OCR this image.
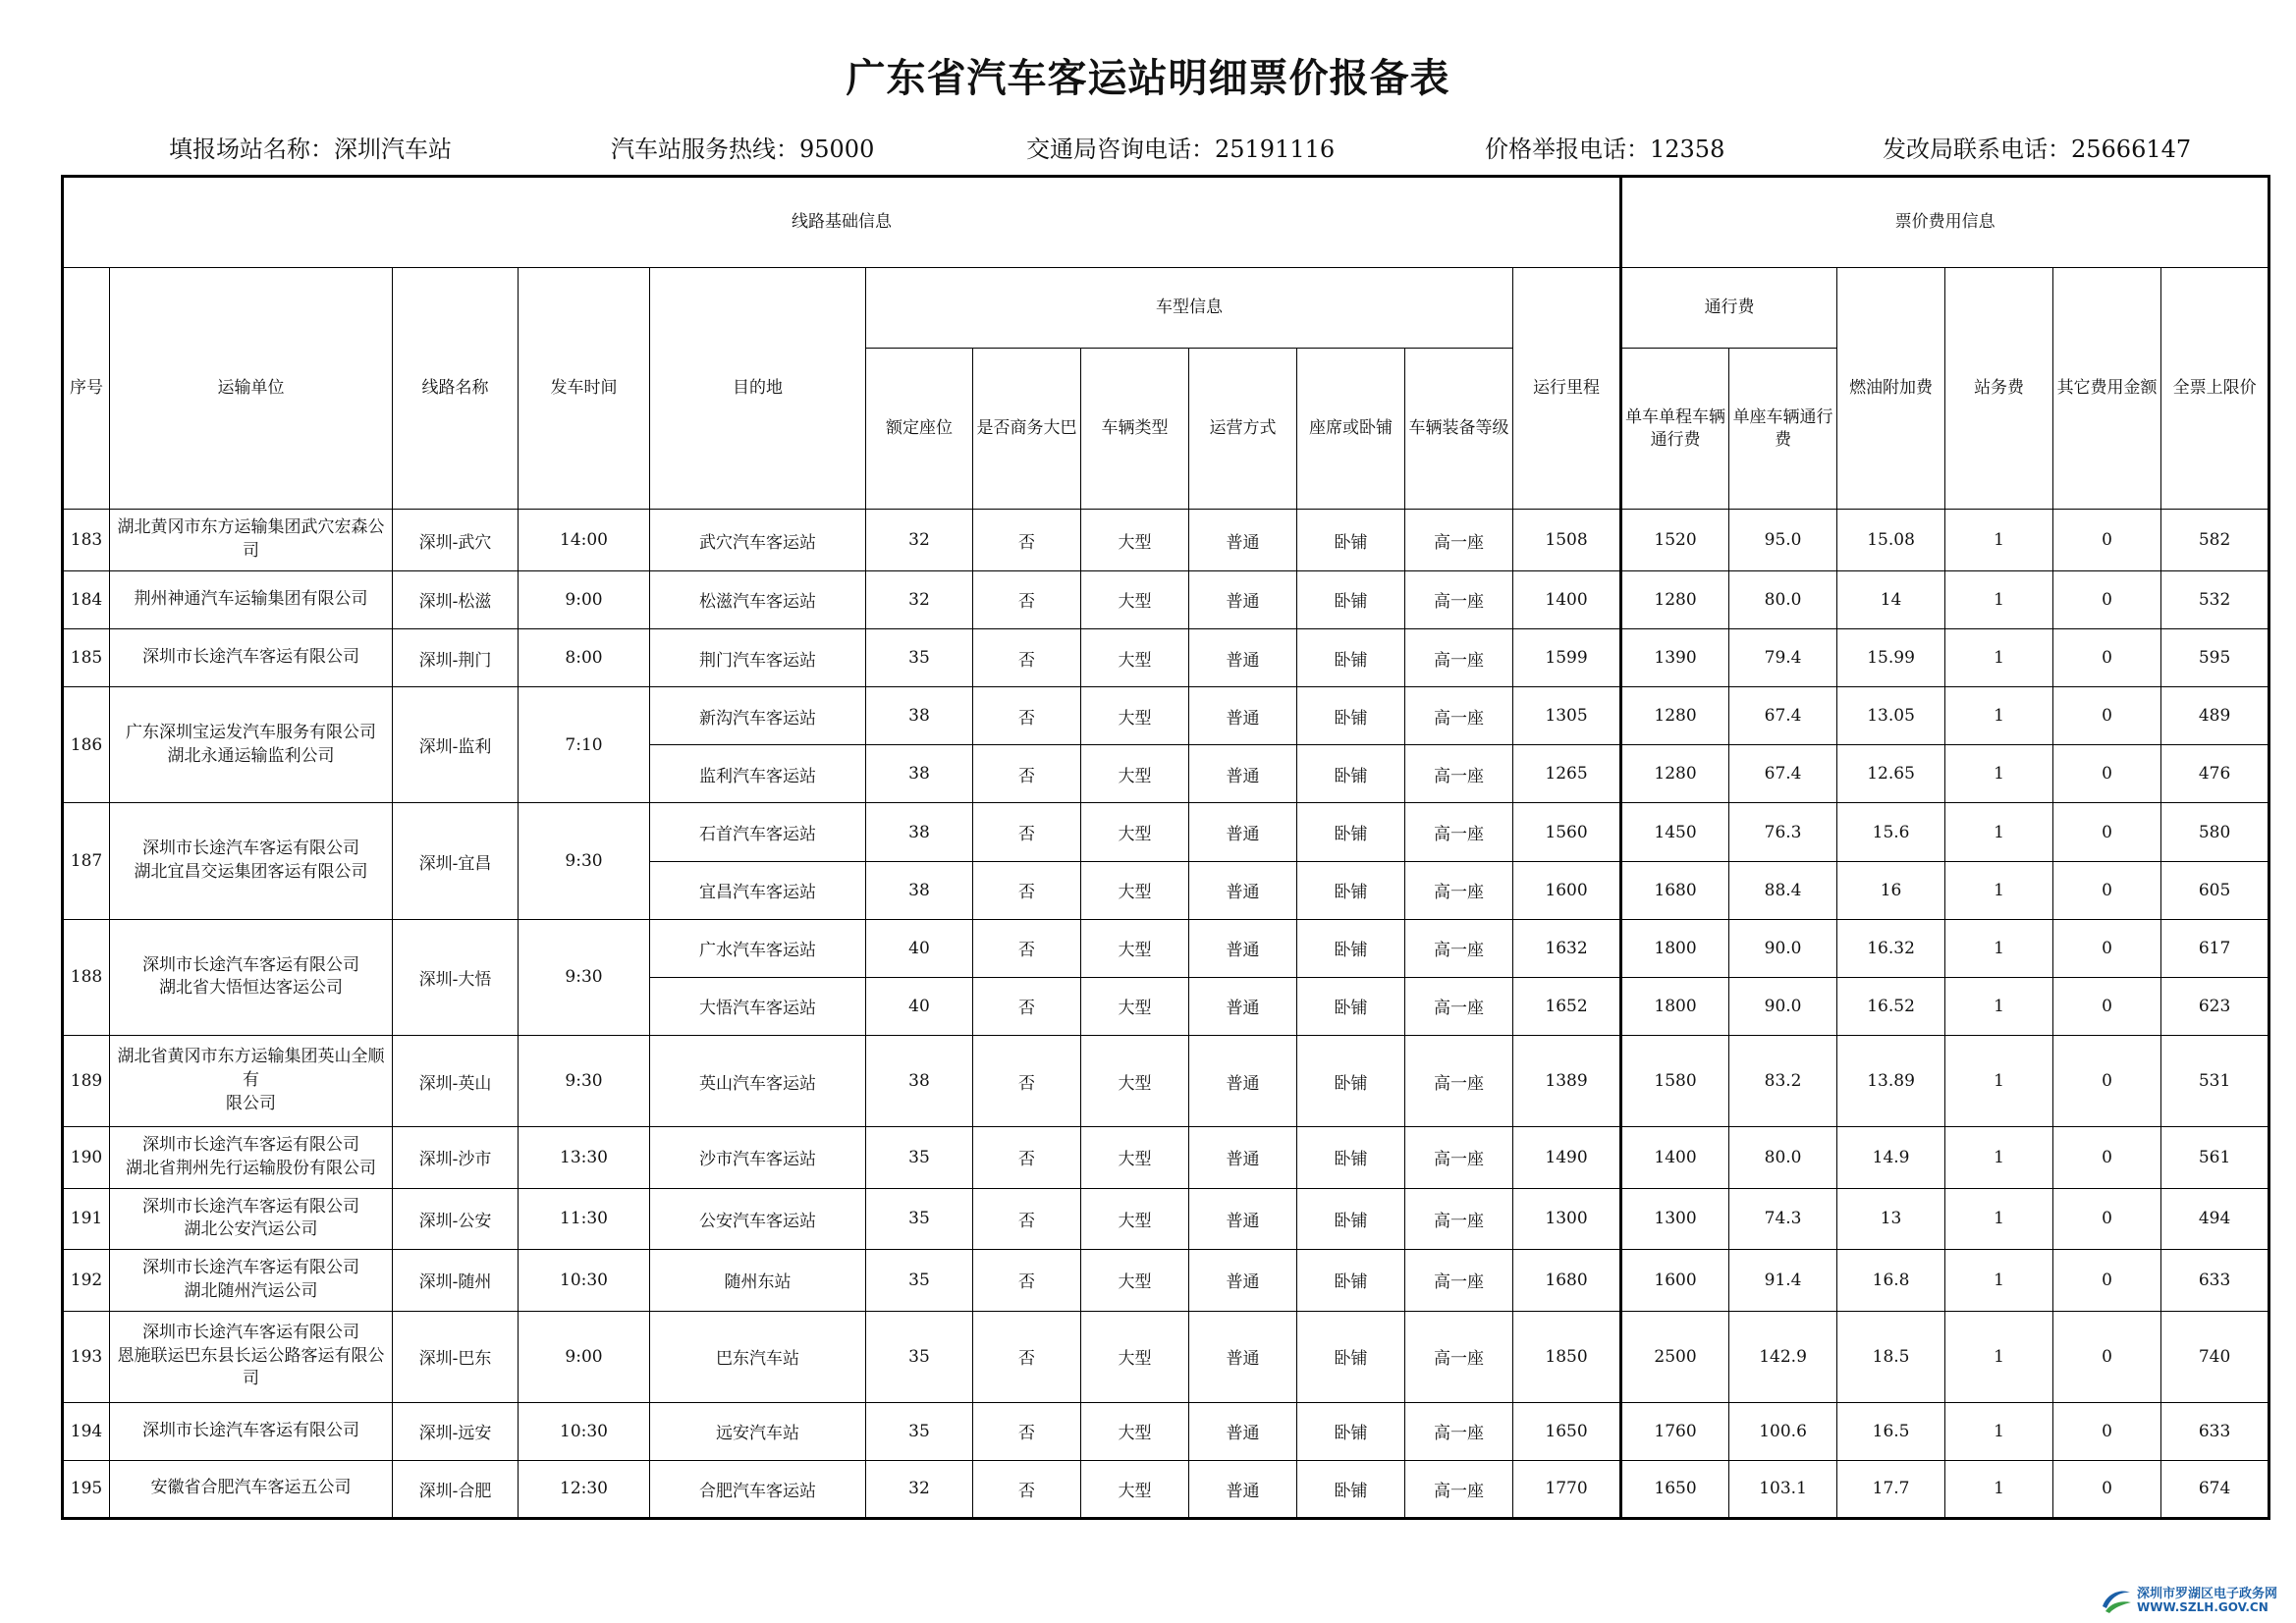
广东省汽车客运站明细票价报备表
填报场站名称：深圳汽车站	汽车站服务热线：95000	交通局咨询电话：25191116	价格举报电话：12358	发改局联系电话：25666147
线路基础信息												票价费用信息					
序号	运输单位	线路名称	发车时间	目的地	车型信息						运行里程	通行费		燃油附加费	站务费	其它费用金额	全票上限价
					额定座位	是否商务大巴	车辆类型	运营方式	座席或卧铺	车辆装备等级		单车单程车辆通行费	单座车辆通行费				
183	湖北黄冈市东方运输集团武穴宏森公司	深圳-武穴	14:00	武穴汽车客运站	32	否	大型	普通	卧铺	高一座	1508	1520	95.0	15.08	1	0	582
184	荆州神通汽车运输集团有限公司	深圳-松滋	9:00	松滋汽车客运站	32	否	大型	普通	卧铺	高一座	1400	1280	80.0	14	1	0	532
185	深圳市长途汽车客运有限公司	深圳-荆门	8:00	荆门汽车客运站	35	否	大型	普通	卧铺	高一座	1599	1390	79.4	15.99	1	0	595
186	广东深圳宝运发汽车服务有限公司
湖北永通运输监利公司	深圳-监利	7:10	新沟汽车客运站	38	否	大型	普通	卧铺	高一座	1305	1280	67.4	13.05	1	0	489
				监利汽车客运站	38	否	大型	普通	卧铺	高一座	1265	1280	67.4	12.65	1	0	476
187	深圳市长途汽车客运有限公司
湖北宜昌交运集团客运有限公司	深圳-宜昌	9:30	石首汽车客运站	38	否	大型	普通	卧铺	高一座	1560	1450	76.3	15.6	1	0	580
				宜昌汽车客运站	38	否	大型	普通	卧铺	高一座	1600	1680	88.4	16	1	0	605
188	深圳市长途汽车客运有限公司
湖北省大悟恒达客运公司	深圳-大悟	9:30	广水汽车客运站	40	否	大型	普通	卧铺	高一座	1632	1800	90.0	16.32	1	0	617
				大悟汽车客运站	40	否	大型	普通	卧铺	高一座	1652	1800	90.0	16.52	1	0	623
189	湖北省黄冈市东方运输集团英山全顺有
限公司	深圳-英山	9:30	英山汽车客运站	38	否	大型	普通	卧铺	高一座	1389	1580	83.2	13.89	1	0	531
190	深圳市长途汽车客运有限公司
湖北省荆州先行运输股份有限公司	深圳-沙市	13:30	沙市汽车客运站	35	否	大型	普通	卧铺	高一座	1490	1400	80.0	14.9	1	0	561
191	深圳市长途汽车客运有限公司
湖北公安汽运公司	深圳-公安	11:30	公安汽车客运站	35	否	大型	普通	卧铺	高一座	1300	1300	74.3	13	1	0	494
192	深圳市长途汽车客运有限公司
湖北随州汽运公司	深圳-随州	10:30	随州东站	35	否	大型	普通	卧铺	高一座	1680	1600	91.4	16.8	1	0	633
193	深圳市长途汽车客运有限公司
恩施联运巴东县长运公路客运有限公司	深圳-巴东	9:00	巴东汽车站	35	否	大型	普通	卧铺	高一座	1850	2500	142.9	18.5	1	0	740
194	深圳市长途汽车客运有限公司	深圳-远安	10:30	远安汽车站	35	否	大型	普通	卧铺	高一座	1650	1760	100.6	16.5	1	0	633
195	安徽省合肥汽车客运五公司	深圳-合肥	12:30	合肥汽车客运站	32	否	大型	普通	卧铺	高一座	1770	1650	103.1	17.7	1	0	674
深圳市罗湖区电子政务网
WWW.SZLH.GOV.CN
